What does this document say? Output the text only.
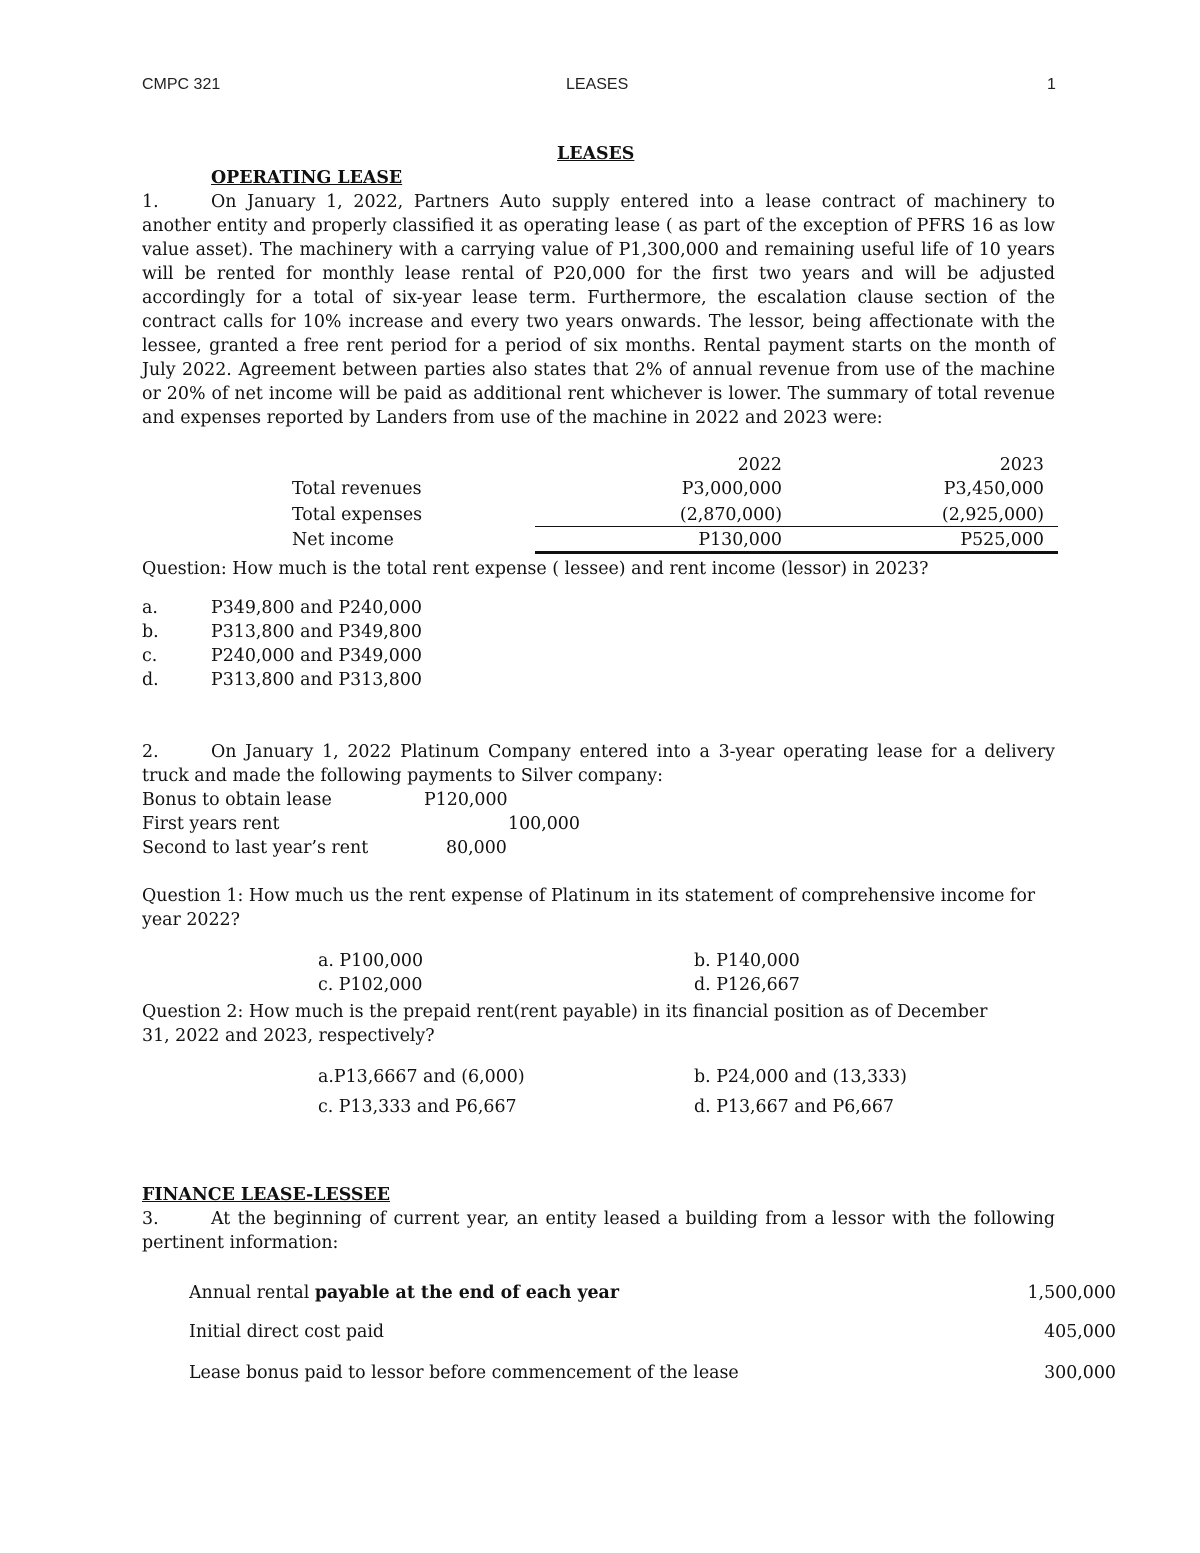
CMPC 321	LEASES	1
LEASES
OPERATING LEASE
1.	On January 1, 2022, Partners Auto supply entered into a lease contract of machinery to another entity and properly classified it as operating lease ( as part of the exception of PFRS 16 as low value asset). The machinery with a carrying value of P1,300,000 and remaining useful life of 10 years will be rented for monthly lease rental of P20,000 for the first two years and will be adjusted accordingly for a total of six-year lease term. Furthermore, the escalation clause section of the contract calls for 10% increase and every two years onwards. The lessor, being affectionate with the lessee, granted a free rent period for a period of six months. Rental payment starts on the month of July 2022. Agreement between parties also states that 2% of annual revenue from use of the machine or 20% of net income will be paid as additional rent whichever is lower. The summary of total revenue and expenses reported by Landers from use of the machine in 2022 and 2023 were:
2022	2023
Total revenues	P3,000,000	P3,450,000
Total expenses	(2,870,000)	(2,925,000)
Net income	P130,000	P525,000
Question: How much is the total rent expense ( lessee) and rent income (lessor) in 2023?
a.	P349,800 and P240,000
b.	P313,800 and P349,800
c.	P240,000 and P349,000
d.	P313,800 and P313,800
2.	On January 1, 2022 Platinum Company entered into a 3-year operating lease for a delivery truck and made the following payments to Silver company:
Bonus to obtain lease	P120,000
First years rent	100,000
Second to last year’s rent	80,000
Question 1: How much us the rent expense of Platinum in its statement of comprehensive income for year 2022?
a. P100,000	b. P140,000
c. P102,000	d. P126,667
Question 2: How much is the prepaid rent(rent payable) in its financial position as of December 31, 2022 and 2023, respectively?
a.P13,6667 and (6,000)	b. P24,000 and (13,333)
c. P13,333 and P6,667	d. P13,667 and P6,667
FINANCE LEASE-LESSEE
3.	At the beginning of current year, an entity leased a building from a lessor with the following pertinent information:
Annual rental payable at the end of each year	1,500,000
Initial direct cost paid	405,000
Lease bonus paid to lessor before commencement of the lease	300,000
